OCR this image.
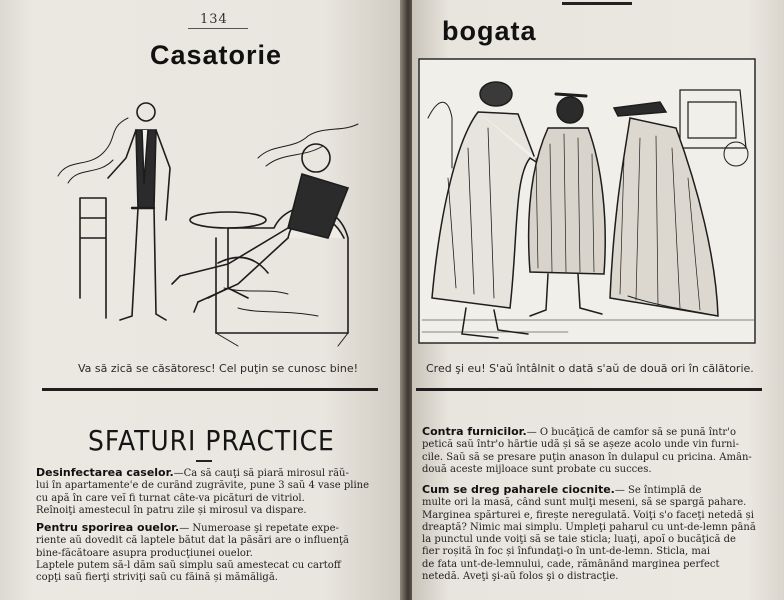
134
Casatorie
Va să zică se căsătoresc! Cel puţin se cunosc bine!
SFATURI PRACTICE
Desinfectarea caselor.—Ca să cauţi să piară mirosul răŭ-
lui în apartamente'e de curând zugrăvite, pune 3 saŭ 4 vase pline
cu apă în care veĭ fi turnat câte-va picături de vitriol.
Reînoiţi amestecul în patru zile și mirosul va dispare.
Pentru sporirea ouelor.— Numeroase şi repetate expe-
riente aŭ dovedit că laptele bătut dat la păsări are o influenţă
bine-făcătoare asupra producţiunei ouelor.
Laptele putem să-l dăm saŭ simplu saŭ amestecat cu cartoff
copţi saŭ fierţi striviţi saŭ cu făină și mămăligă.
bogata
Cred şi eu! S'aŭ întâlnit o dată s'aŭ de două ori în călătorie.
Contra furnicilor.— O bucăţică de camfor să se pună într'o
petică saŭ într'o hârtie udă și să se așeze acolo unde vin furni-
cile. Saŭ să se presare puţin anason în dulapul cu pricina. Amân-
două aceste mijloace sunt probate cu succes.
Cum se dreg paharele ciocnite.— Se întimplă de
multe ori la masă, când sunt mulţi meseni, să se spargă pahare.
Marginea spărturei e, firește neregulată. Voiţi s'o faceţi netedă și
dreaptă? Nimic mai simplu. Umpleţi paharul cu unt-de-lemn până
la punctul unde voiţi să se taie sticla; luaţi, apoĭ o bucăţică de
fier roșită în foc și înfundaţi-o în unt-de-lemn. Sticla, mai
de fata unt-de-lemnului, cade, rămânând marginea perfect
netedă. Aveţi şi-aŭ folos şi o distracţie.
